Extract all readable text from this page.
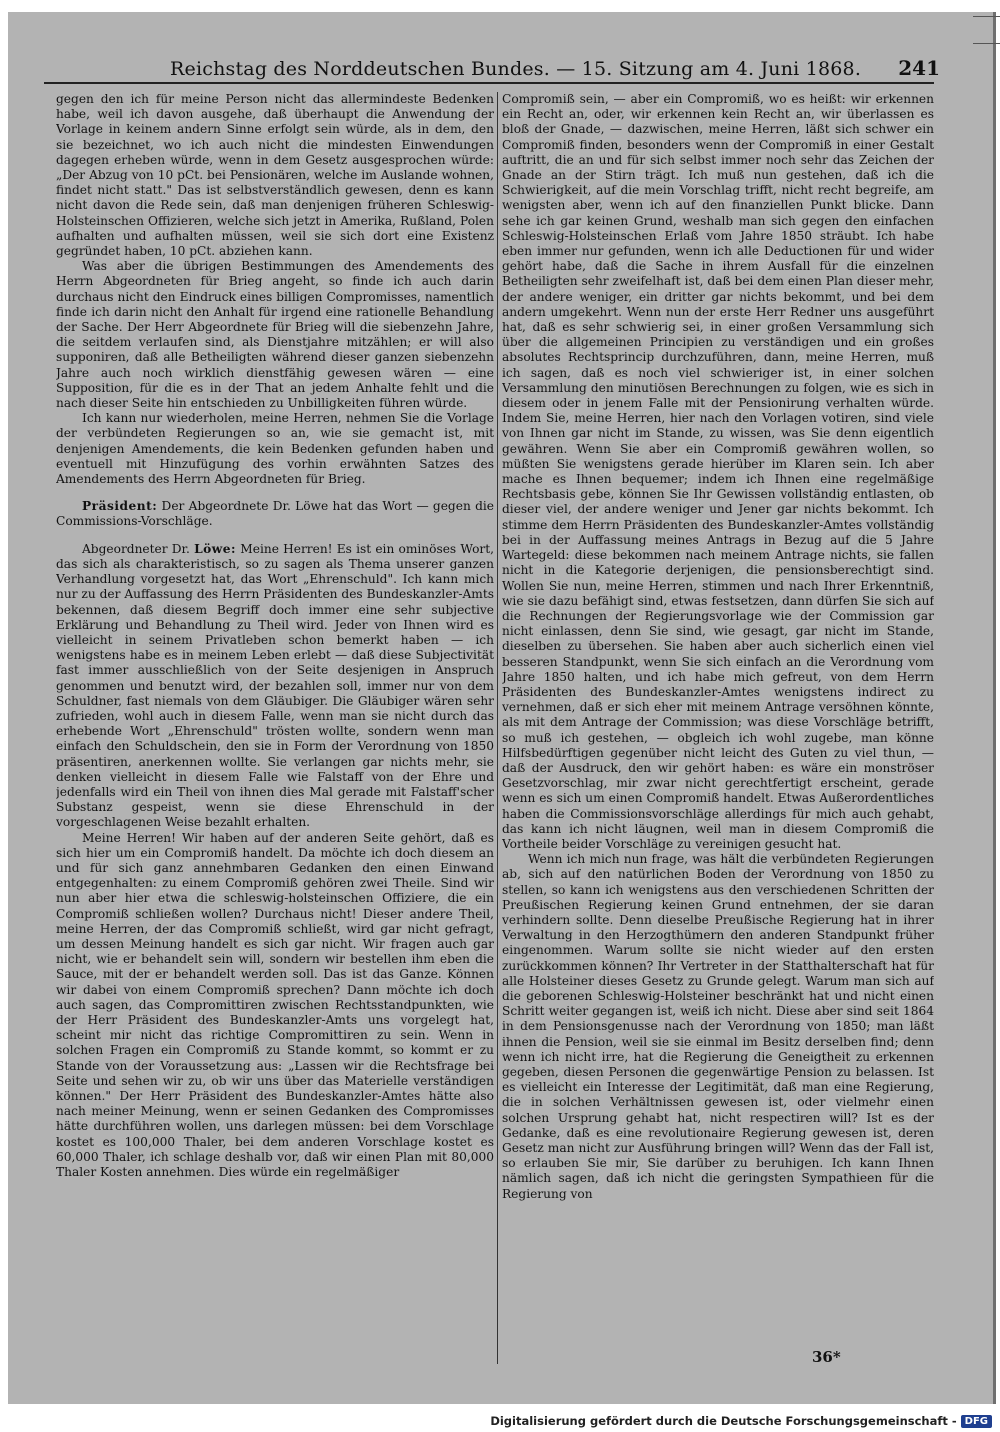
Reichstag des Norddeutschen Bundes. — 15. Sitzung am 4. Juni 1868. 241

gegen den ich für meine Person nicht das allermindeste Bedenken habe, weil ich davon ausgehe, daß überhaupt die Anwendung der Vorlage in keinem andern Sinne erfolgt sein würde, als in dem, den sie bezeichnet, wo ich auch nicht die mindesten Einwendungen dagegen erheben würde, wenn in dem Gesetz ausgesprochen würde: „Der Abzug von 10 pCt. bei Pensionären, welche im Auslande wohnen, findet nicht statt." Das ist selbstverständlich gewesen, denn es kann nicht davon die Rede sein, daß man denjenigen früheren Schleswig-Holsteinschen Offizieren, welche sich jetzt in Amerika, Rußland, Polen aufhalten und aufhalten müssen, weil sie sich dort eine Existenz gegründet haben, 10 pCt. abziehen kann.

Was aber die übrigen Bestimmungen des Amendements des Herrn Abgeordneten für Brieg angeht, so finde ich auch darin durchaus nicht den Eindruck eines billigen Compromisses, namentlich finde ich darin nicht den Anhalt für irgend eine rationelle Behandlung der Sache. Der Herr Abgeordnete für Brieg will die siebenzehn Jahre, die seitdem verlaufen sind, als Dienstjahre mitzählen; er will also supponiren, daß alle Betheiligten während dieser ganzen siebenzehn Jahre auch noch wirklich dienstfähig gewesen wären — eine Supposition, für die es in der That an jedem Anhalte fehlt und die nach dieser Seite hin entschieden zu Unbilligkeiten führen würde.

Ich kann nur wiederholen, meine Herren, nehmen Sie die Vorlage der verbündeten Regierungen so an, wie sie gemacht ist, mit denjenigen Amendements, die kein Bedenken gefunden haben und eventuell mit Hinzufügung des vorhin erwähnten Satzes des Amendements des Herrn Abgeordneten für Brieg.

Präsident: Der Abgeordnete Dr. Löwe hat das Wort — gegen die Commissions-Vorschläge.

Abgeordneter Dr. Löwe: Meine Herren! Es ist ein ominöses Wort, das sich als charakteristisch, so zu sagen als Thema unserer ganzen Verhandlung vorgesetzt hat, das Wort „Ehrenschuld". Ich kann mich nur zu der Auffassung des Herrn Präsidenten des Bundeskanzler-Amts bekennen, daß diesem Begriff doch immer eine sehr subjective Erklärung und Behandlung zu Theil wird. Jeder von Ihnen wird es vielleicht in seinem Privatleben schon bemerkt haben — ich wenigstens habe es in meinem Leben erlebt — daß diese Subjectivität fast immer ausschließlich von der Seite desjenigen in Anspruch genommen und benutzt wird, der bezahlen soll, immer nur von dem Schuldner, fast niemals von dem Gläubiger. Die Gläubiger wären sehr zufrieden, wohl auch in diesem Falle, wenn man sie nicht durch das erhebende Wort „Ehrenschuld" trösten wollte, sondern wenn man einfach den Schuldschein, den sie in Form der Verordnung von 1850 präsentiren, anerkennen wollte. Sie verlangen gar nichts mehr, sie denken vielleicht in diesem Falle wie Falstaff von der Ehre und jedenfalls wird ein Theil von ihnen dies Mal gerade mit Falstaff'scher Substanz gespeist, wenn sie diese Ehrenschuld in der vorgeschlagenen Weise bezahlt erhalten.

Meine Herren! Wir haben auf der anderen Seite gehört, daß es sich hier um ein Compromiß handelt. Da möchte ich doch diesem an und für sich ganz annehmbaren Gedanken den einen Einwand entgegenhalten: zu einem Compromiß gehören zwei Theile. Sind wir nun aber hier etwa die schleswig-holsteinschen Offiziere, die ein Compromiß schließen wollen? Durchaus nicht! Dieser andere Theil, meine Herren, der das Compromiß schließt, wird gar nicht gefragt, um dessen Meinung handelt es sich gar nicht. Wir fragen auch gar nicht, wie er behandelt sein will, sondern wir bestellen ihm eben die Sauce, mit der er behandelt werden soll. Das ist das Ganze. Können wir dabei von einem Compromiß sprechen? Dann möchte ich doch auch sagen, das Compromittiren zwischen Rechtsstandpunkten, wie der Herr Präsident des Bundeskanzler-Amts uns vorgelegt hat, scheint mir nicht das richtige Compromittiren zu sein. Wenn in solchen Fragen ein Compromiß zu Stande kommt, so kommt er zu Stande von der Voraussetzung aus: „Lassen wir die Rechtsfrage bei Seite und sehen wir zu, ob wir uns über das Materielle verständigen können." Der Herr Präsident des Bundeskanzler-Amtes hätte also nach meiner Meinung, wenn er seinen Gedanken des Compromisses hätte durchführen wollen, uns darlegen müssen: bei dem Vorschlage kostet es 100,000 Thaler, bei dem anderen Vorschlage kostet es 60,000 Thaler, ich schlage deshalb vor, daß wir einen Plan mit 80,000 Thaler Kosten annehmen. Dies würde ein regelmäßiger

Compromiß sein, — aber ein Compromiß, wo es heißt: wir erkennen ein Recht an, oder, wir erkennen kein Recht an, wir überlassen es bloß der Gnade, — dazwischen, meine Herren, läßt sich schwer ein Compromiß finden, besonders wenn der Compromiß in einer Gestalt auftritt, die an und für sich selbst immer noch sehr das Zeichen der Gnade an der Stirn trägt. Ich muß nun gestehen, daß ich die Schwierigkeit, auf die mein Vorschlag trifft, nicht recht begreife, am wenigsten aber, wenn ich auf den finanziellen Punkt blicke. Dann sehe ich gar keinen Grund, weshalb man sich gegen den einfachen Schleswig-Holsteinschen Erlaß vom Jahre 1850 sträubt. Ich habe eben immer nur gefunden, wenn ich alle Deductionen für und wider gehört habe, daß die Sache in ihrem Ausfall für die einzelnen Betheiligten sehr zweifelhaft ist, daß bei dem einen Plan dieser mehr, der andere weniger, ein dritter gar nichts bekommt, und bei dem andern umgekehrt. Wenn nun der erste Herr Redner uns ausgeführt hat, daß es sehr schwierig sei, in einer großen Versammlung sich über die allgemeinen Principien zu verständigen und ein großes absolutes Rechtsprincip durchzuführen, dann, meine Herren, muß ich sagen, daß es noch viel schwieriger ist, in einer solchen Versammlung den minutiösen Berechnungen zu folgen, wie es sich in diesem oder in jenem Falle mit der Pensionirung verhalten würde. Indem Sie, meine Herren, hier nach den Vorlagen votiren, sind viele von Ihnen gar nicht im Stande, zu wissen, was Sie denn eigentlich gewähren. Wenn Sie aber ein Compromiß gewähren wollen, so müßten Sie wenigstens gerade hierüber im Klaren sein. Ich aber mache es Ihnen bequemer; indem ich Ihnen eine regelmäßige Rechtsbasis gebe, können Sie Ihr Gewissen vollständig entlasten, ob dieser viel, der andere weniger und Jener gar nichts bekommt. Ich stimme dem Herrn Präsidenten des Bundeskanzler-Amtes vollständig bei in der Auffassung meines Antrags in Bezug auf die 5 Jahre Wartegeld: diese bekommen nach meinem Antrage nichts, sie fallen nicht in die Kategorie derjenigen, die pensionsberechtigt sind. Wollen Sie nun, meine Herren, stimmen und nach Ihrer Erkenntniß, wie sie dazu befähigt sind, etwas festsetzen, dann dürfen Sie sich auf die Rechnungen der Regierungsvorlage wie der Commission gar nicht einlassen, denn Sie sind, wie gesagt, gar nicht im Stande, dieselben zu übersehen. Sie haben aber auch sicherlich einen viel besseren Standpunkt, wenn Sie sich einfach an die Verordnung vom Jahre 1850 halten, und ich habe mich gefreut, von dem Herrn Präsidenten des Bundeskanzler-Amtes wenigstens indirect zu vernehmen, daß er sich eher mit meinem Antrage versöhnen könnte, als mit dem Antrage der Commission; was diese Vorschläge betrifft, so muß ich gestehen, — obgleich ich wohl zugebe, man könne Hilfsbedürftigen gegenüber nicht leicht des Guten zu viel thun, — daß der Ausdruck, den wir gehört haben: es wäre ein monströser Gesetzvorschlag, mir zwar nicht gerechtfertigt erscheint, gerade wenn es sich um einen Compromiß handelt. Etwas Außerordentliches haben die Commissionsvorschläge allerdings für mich auch gehabt, das kann ich nicht läugnen, weil man in diesem Compromiß die Vortheile beider Vorschläge zu vereinigen gesucht hat.

Wenn ich mich nun frage, was hält die verbündeten Regierungen ab, sich auf den natürlichen Boden der Verordnung von 1850 zu stellen, so kann ich wenigstens aus den verschiedenen Schritten der Preußischen Regierung keinen Grund entnehmen, der sie daran verhindern sollte. Denn dieselbe Preußische Regierung hat in ihrer Verwaltung in den Herzogthümern den anderen Standpunkt früher eingenommen. Warum sollte sie nicht wieder auf den ersten zurückkommen können? Ihr Vertreter in der Statthalterschaft hat für alle Holsteiner dieses Gesetz zu Grunde gelegt. Warum man sich auf die geborenen Schleswig-Holsteiner beschränkt hat und nicht einen Schritt weiter gegangen ist, weiß ich nicht. Diese aber sind seit 1864 in dem Pensionsgenusse nach der Verordnung von 1850; man läßt ihnen die Pension, weil sie sie einmal im Besitz derselben find; denn wenn ich nicht irre, hat die Regierung die Geneigtheit zu erkennen gegeben, diesen Personen die gegenwärtige Pension zu belassen. Ist es vielleicht ein Interesse der Legitimität, daß man eine Regierung, die in solchen Verhältnissen gewesen ist, oder vielmehr einen solchen Ursprung gehabt hat, nicht respectiren will? Ist es der Gedanke, daß es eine revolutionaire Regierung gewesen ist, deren Gesetz man nicht zur Ausführung bringen will? Wenn das der Fall ist, so erlauben Sie mir, Sie darüber zu beruhigen. Ich kann Ihnen nämlich sagen, daß ich nicht die geringsten Sympathieen für die Regierung von

36*
Digitalisierung gefördert durch die Deutsche Forschungsgemeinschaft - DFG
